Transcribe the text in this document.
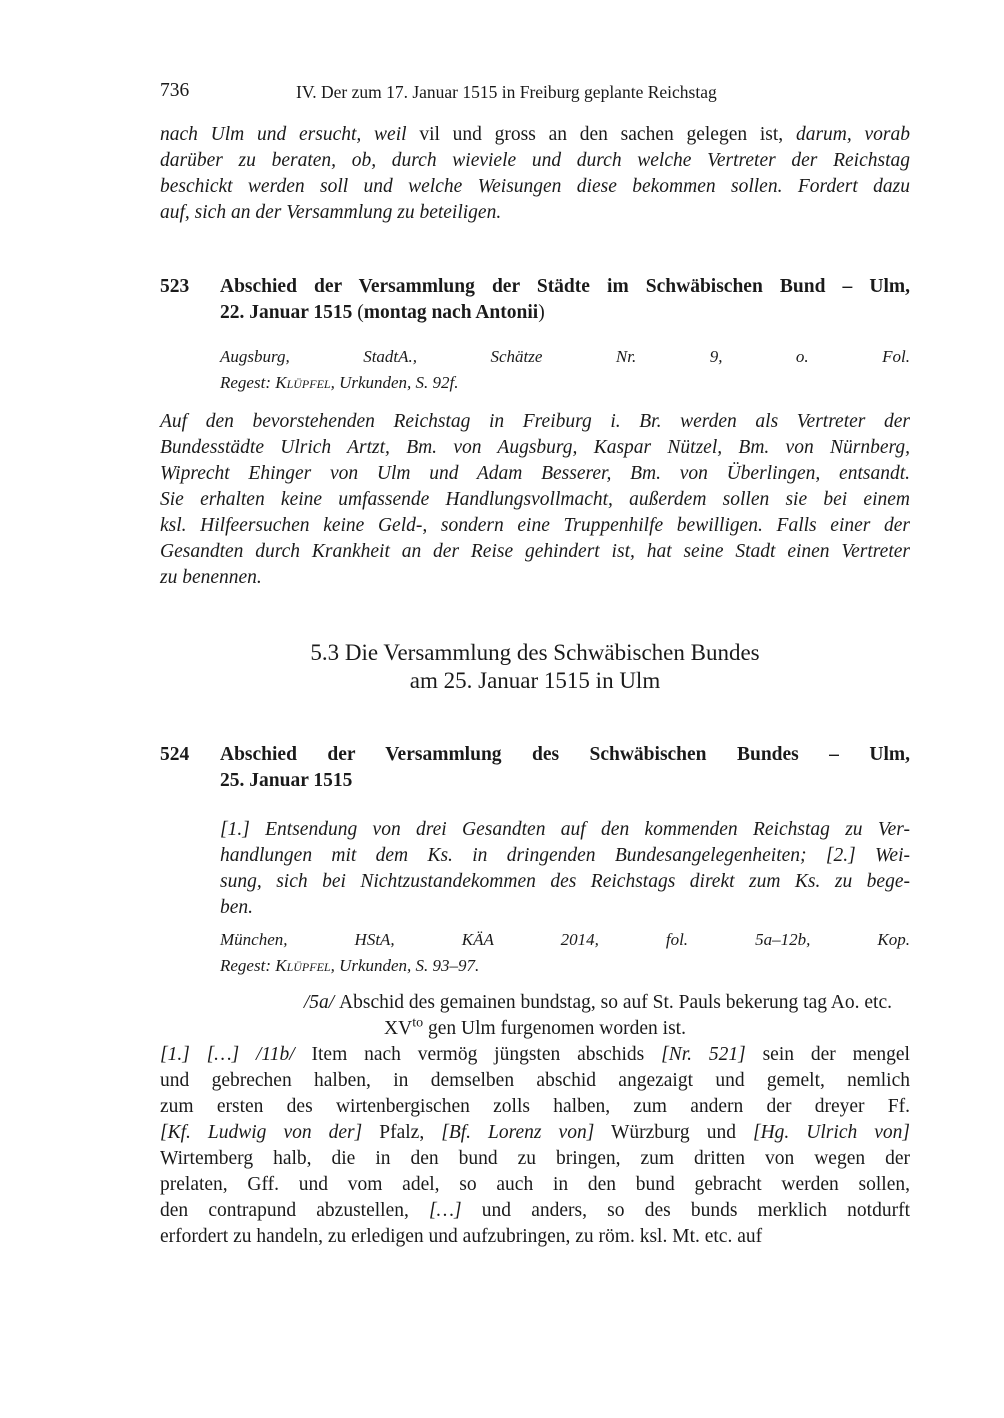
736	IV. Der zum 17. Januar 1515 in Freiburg geplante Reichstag
nach Ulm und ersucht, weil vil und gross an den sachen gelegen ist, darum, vorab
darüber zu beraten, ob, durch wieviele und durch welche Vertreter der Reichstag
beschickt werden soll und welche Weisungen diese bekommen sollen. Fordert dazu
auf, sich an der Versammlung zu beteiligen.
523 Abschied der Versammlung der Städte im Schwäbischen Bund – Ulm,
22. Januar 1515 (montag nach Antonii)
Augsburg, StadtA., Schätze Nr. 9, o. Fol.
Regest: Klüpfel, Urkunden, S. 92f.
Auf den bevorstehenden Reichstag in Freiburg i. Br. werden als Vertreter der
Bundesstädte Ulrich Artzt, Bm. von Augsburg, Kaspar Nützel, Bm. von Nürnberg,
Wiprecht Ehinger von Ulm und Adam Besserer, Bm. von Überlingen, entsandt.
Sie erhalten keine umfassende Handlungsvollmacht, außerdem sollen sie bei einem
ksl. Hilfeersuchen keine Geld-, sondern eine Truppenhilfe bewilligen. Falls einer der
Gesandten durch Krankheit an der Reise gehindert ist, hat seine Stadt einen Vertreter
zu benennen.
5.3 Die Versammlung des Schwäbischen Bundes
am 25. Januar 1515 in Ulm
524 Abschied der Versammlung des Schwäbischen Bundes – Ulm,
25. Januar 1515
[1.] Entsendung von drei Gesandten auf den kommenden Reichstag zu Ver-
handlungen mit dem Ks. in dringenden Bundesangelegenheiten; [2.] Wei-
sung, sich bei Nichtzustandekommen des Reichstags direkt zum Ks. zu bege-
ben.
München, HStA, KÄA 2014, fol. 5a–12b, Kop.
Regest: Klüpfel, Urkunden, S. 93–97.
/5a/ Abschid des gemainen bundstag, so auf St. Pauls bekerung tag Ao. etc.
$XV^{to}$ gen Ulm furgenomen worden ist.
[1.] […] /11b/ Item nach vermög jüngsten abschids [Nr. 521] sein der mengel
und gebrechen halben, in demselben abschid angezaigt und gemelt, nemlich
zum ersten des wirtenbergischen zolls halben, zum andern der dreyer Ff.
[Kf. Ludwig von der] Pfalz, [Bf. Lorenz von] Würzburg und [Hg. Ulrich von]
Wirtemberg halb, die in den bund zu bringen, zum dritten von wegen der
prelaten, Gff. und vom adel, so auch in den bund gebracht werden sollen,
den contrapund abzustellen, […] und anders, so des bunds merklich notdurft
erfordert zu handeln, zu erledigen und aufzubringen, zu röm. ksl. Mt. etc. auf
